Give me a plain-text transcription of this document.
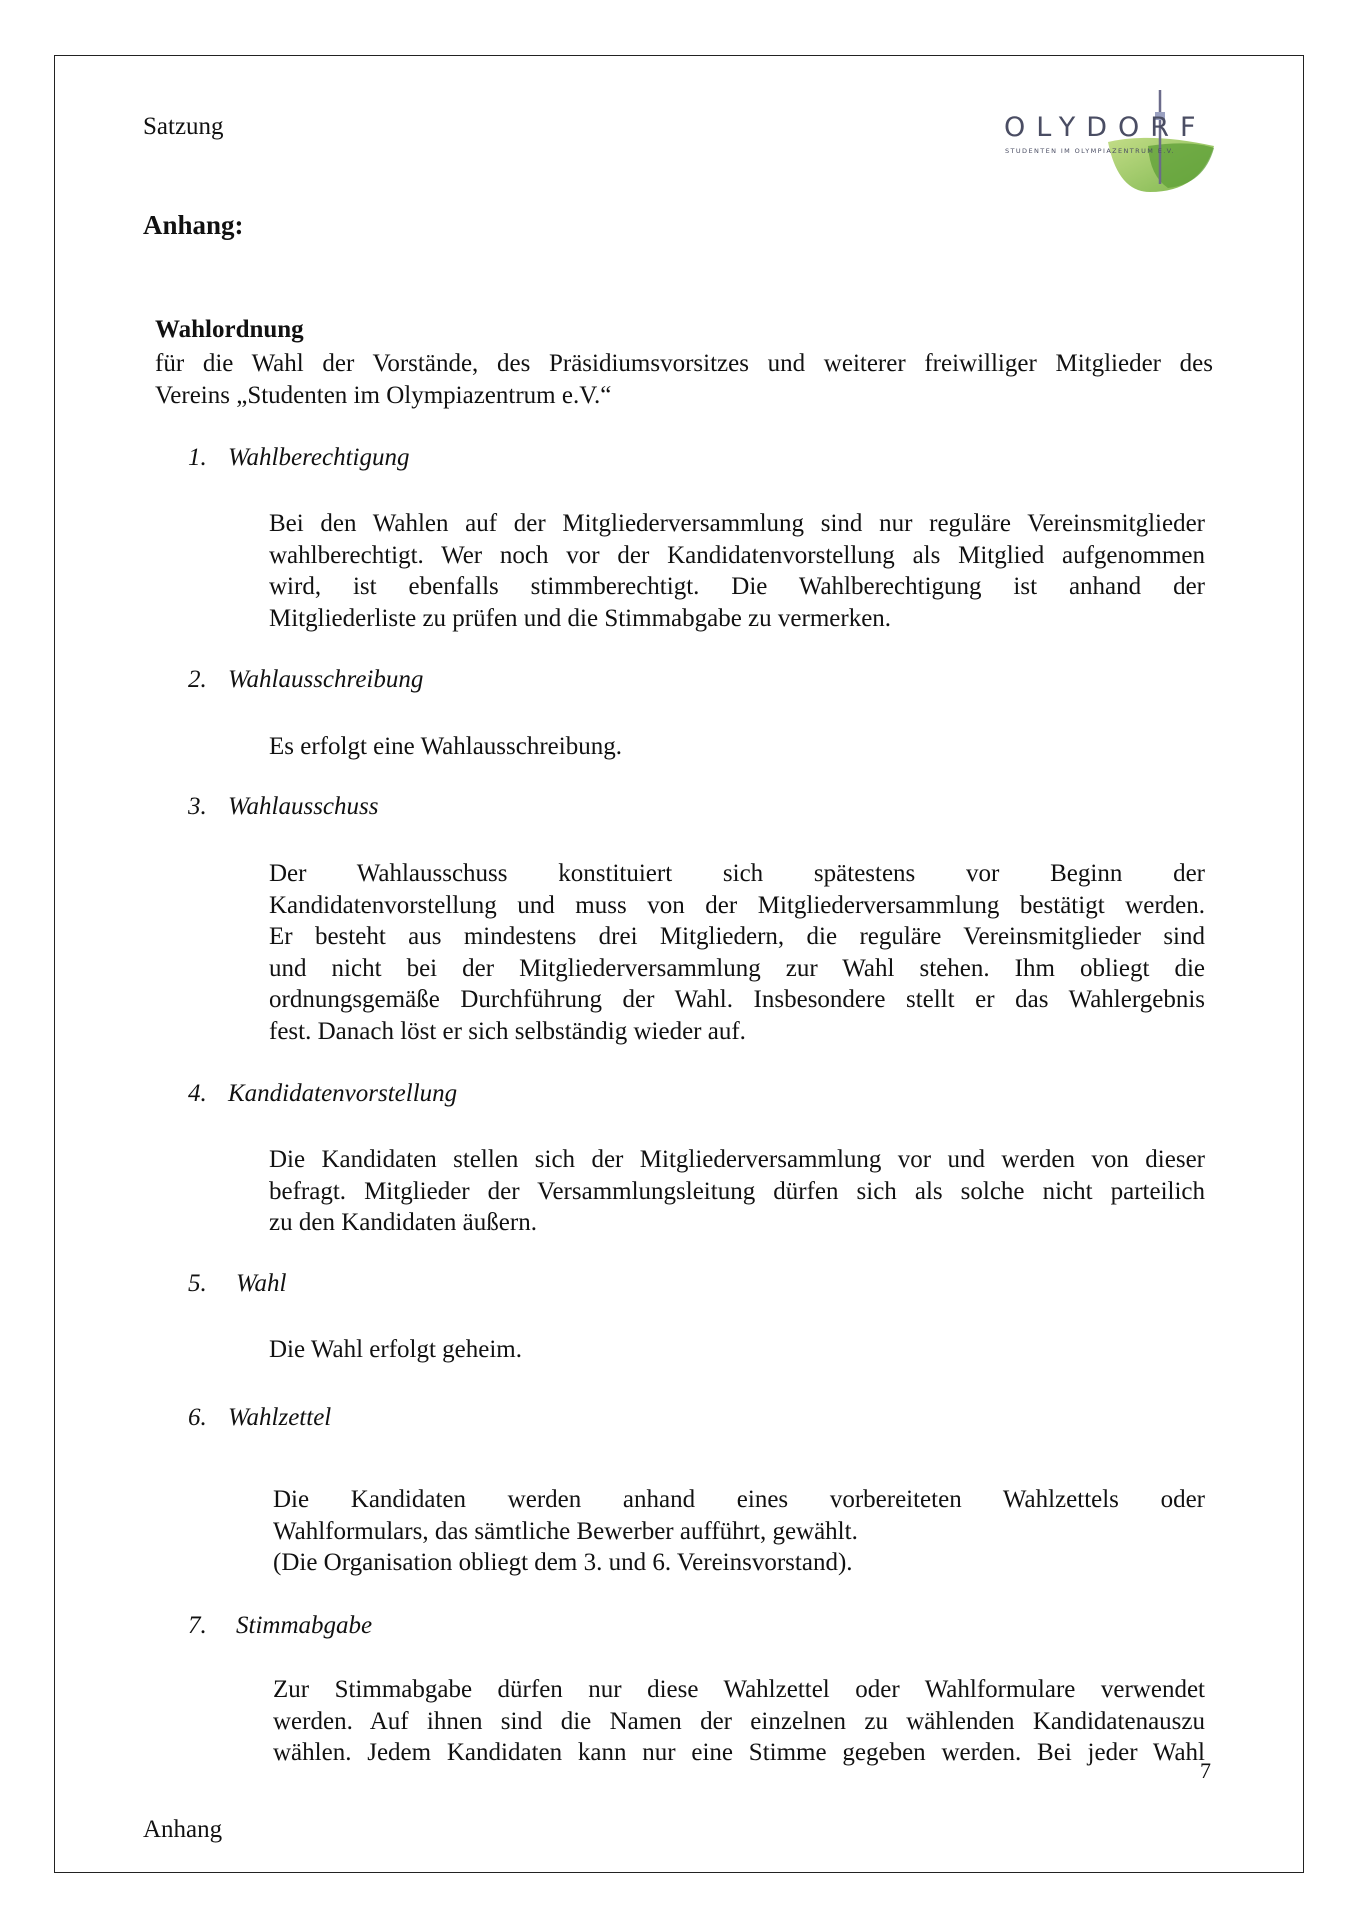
Satzung	OLYDORF
STUDENTEN IM OLYMPIAZENTRUM E.V.
Anhang:
Wahlordnung

für die Wahl der Vorstände, des Präsidiumsvorsitzes und weiterer freiwilliger Mitglieder des

Vereins „Studenten im Olympiazentrum e.V.“

1. Wahlberechtigung

Bei den Wahlen auf der Mitgliederversammlung sind nur reguläre Vereinsmitglieder

wahlberechtigt. Wer noch vor der Kandidatenvorstellung als Mitglied aufgenommen

wird, ist ebenfalls stimmberechtigt. Die Wahlberechtigung ist anhand der

Mitgliederliste zu prüfen und die Stimmabgabe zu vermerken.

2. Wahlausschreibung

Es erfolgt eine Wahlausschreibung.

3. Wahlausschuss

Der Wahlausschuss konstituiert sich spätestens vor Beginn der

Kandidatenvorstellung und muss von der Mitgliederversammlung bestätigt werden.

Er besteht aus mindestens drei Mitgliedern, die reguläre Vereinsmitglieder sind

und nicht bei der Mitgliederversammlung zur Wahl stehen. Ihm obliegt die

ordnungsgemäße Durchführung der Wahl. Insbesondere stellt er das Wahlergebnis

fest. Danach löst er sich selbständig wieder auf.

4. Kandidatenvorstellung

Die Kandidaten stellen sich der Mitgliederversammlung vor und werden von dieser

befragt. Mitglieder der Versammlungsleitung dürfen sich als solche nicht parteilich

zu den Kandidaten äußern.

5. Wahl

Die Wahl erfolgt geheim.

6. Wahlzettel

Die Kandidaten werden anhand eines vorbereiteten Wahlzettels oder

Wahlformulars, das sämtliche Bewerber aufführt, gewählt.

(Die Organisation obliegt dem 3. und 6. Vereinsvorstand).

7. Stimmabgabe

Zur Stimmabgabe dürfen nur diese Wahlzettel oder Wahlformulare verwendet

werden. Auf ihnen sind die Namen der einzelnen zu wählenden Kandidatenauszu

wählen. Jedem Kandidaten kann nur eine Stimme gegeben werden. Bei jeder Wahl

7
Anhang
